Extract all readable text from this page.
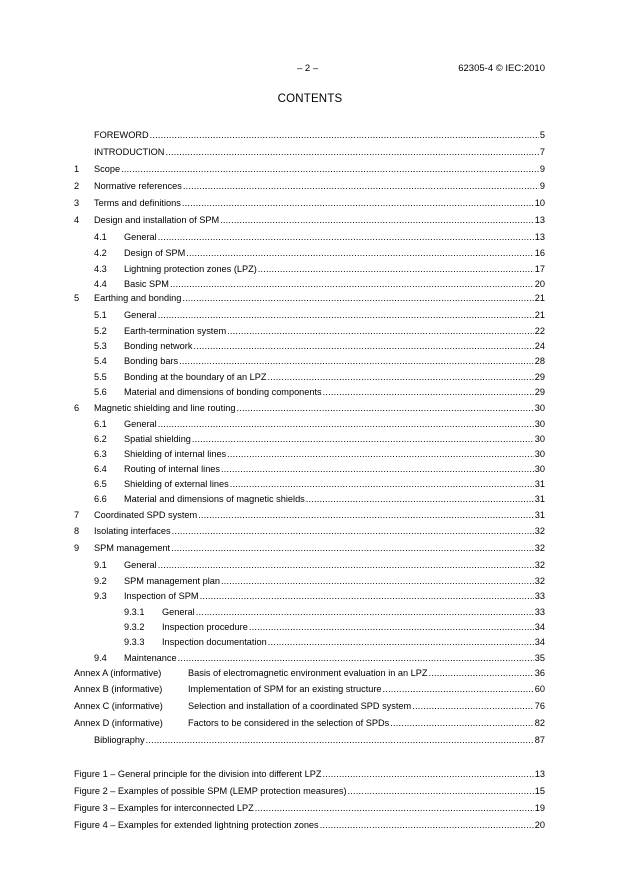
– 2 –	62305-4 © IEC:2010
CONTENTS
FOREWORD .....	5
INTRODUCTION .....	7
1	Scope .....	9
2	Normative references .....	9
3	Terms and definitions .....	10
4	Design and installation of SPM .....	13
4.1	General .....	13
4.2	Design of SPM .....	16
4.3	Lightning protection zones (LPZ) .....	17
4.4	Basic SPM .....	20
5	Earthing and bonding .....	21
5.1	General .....	21
5.2	Earth-termination system .....	22
5.3	Bonding network .....	24
5.4	Bonding bars .....	28
5.5	Bonding at the boundary of an LPZ .....	29
5.6	Material and dimensions of bonding components .....	29
6	Magnetic shielding and line routing .....	30
6.1	General .....	30
6.2	Spatial shielding .....	30
6.3	Shielding of internal lines .....	30
6.4	Routing of internal lines .....	30
6.5	Shielding of external lines .....	31
6.6	Material and dimensions of magnetic shields .....	31
7	Coordinated SPD system .....	31
8	Isolating interfaces .....	32
9	SPM management .....	32
9.1	General .....	32
9.2	SPM management plan .....	32
9.3	Inspection of SPM .....	33
9.3.1	General .....	33
9.3.2	Inspection procedure .....	34
9.3.3	Inspection documentation .....	34
9.4	Maintenance .....	35
Annex A (informative)	Basis of electromagnetic environment evaluation in an LPZ .....	36
Annex B (informative)	Implementation of SPM for an existing structure .....	60
Annex C (informative)	Selection and installation of a coordinated SPD system .....	76
Annex D (informative)	Factors to be considered in the selection of SPDs .....	82
Bibliography .....	87
Figure 1 – General principle for the division into different LPZ .....	13
Figure 2 – Examples of possible SPM (LEMP protection measures) .....	15
Figure 3 – Examples for interconnected LPZ .....	19
Figure 4 – Examples for extended lightning protection zones .....	20
